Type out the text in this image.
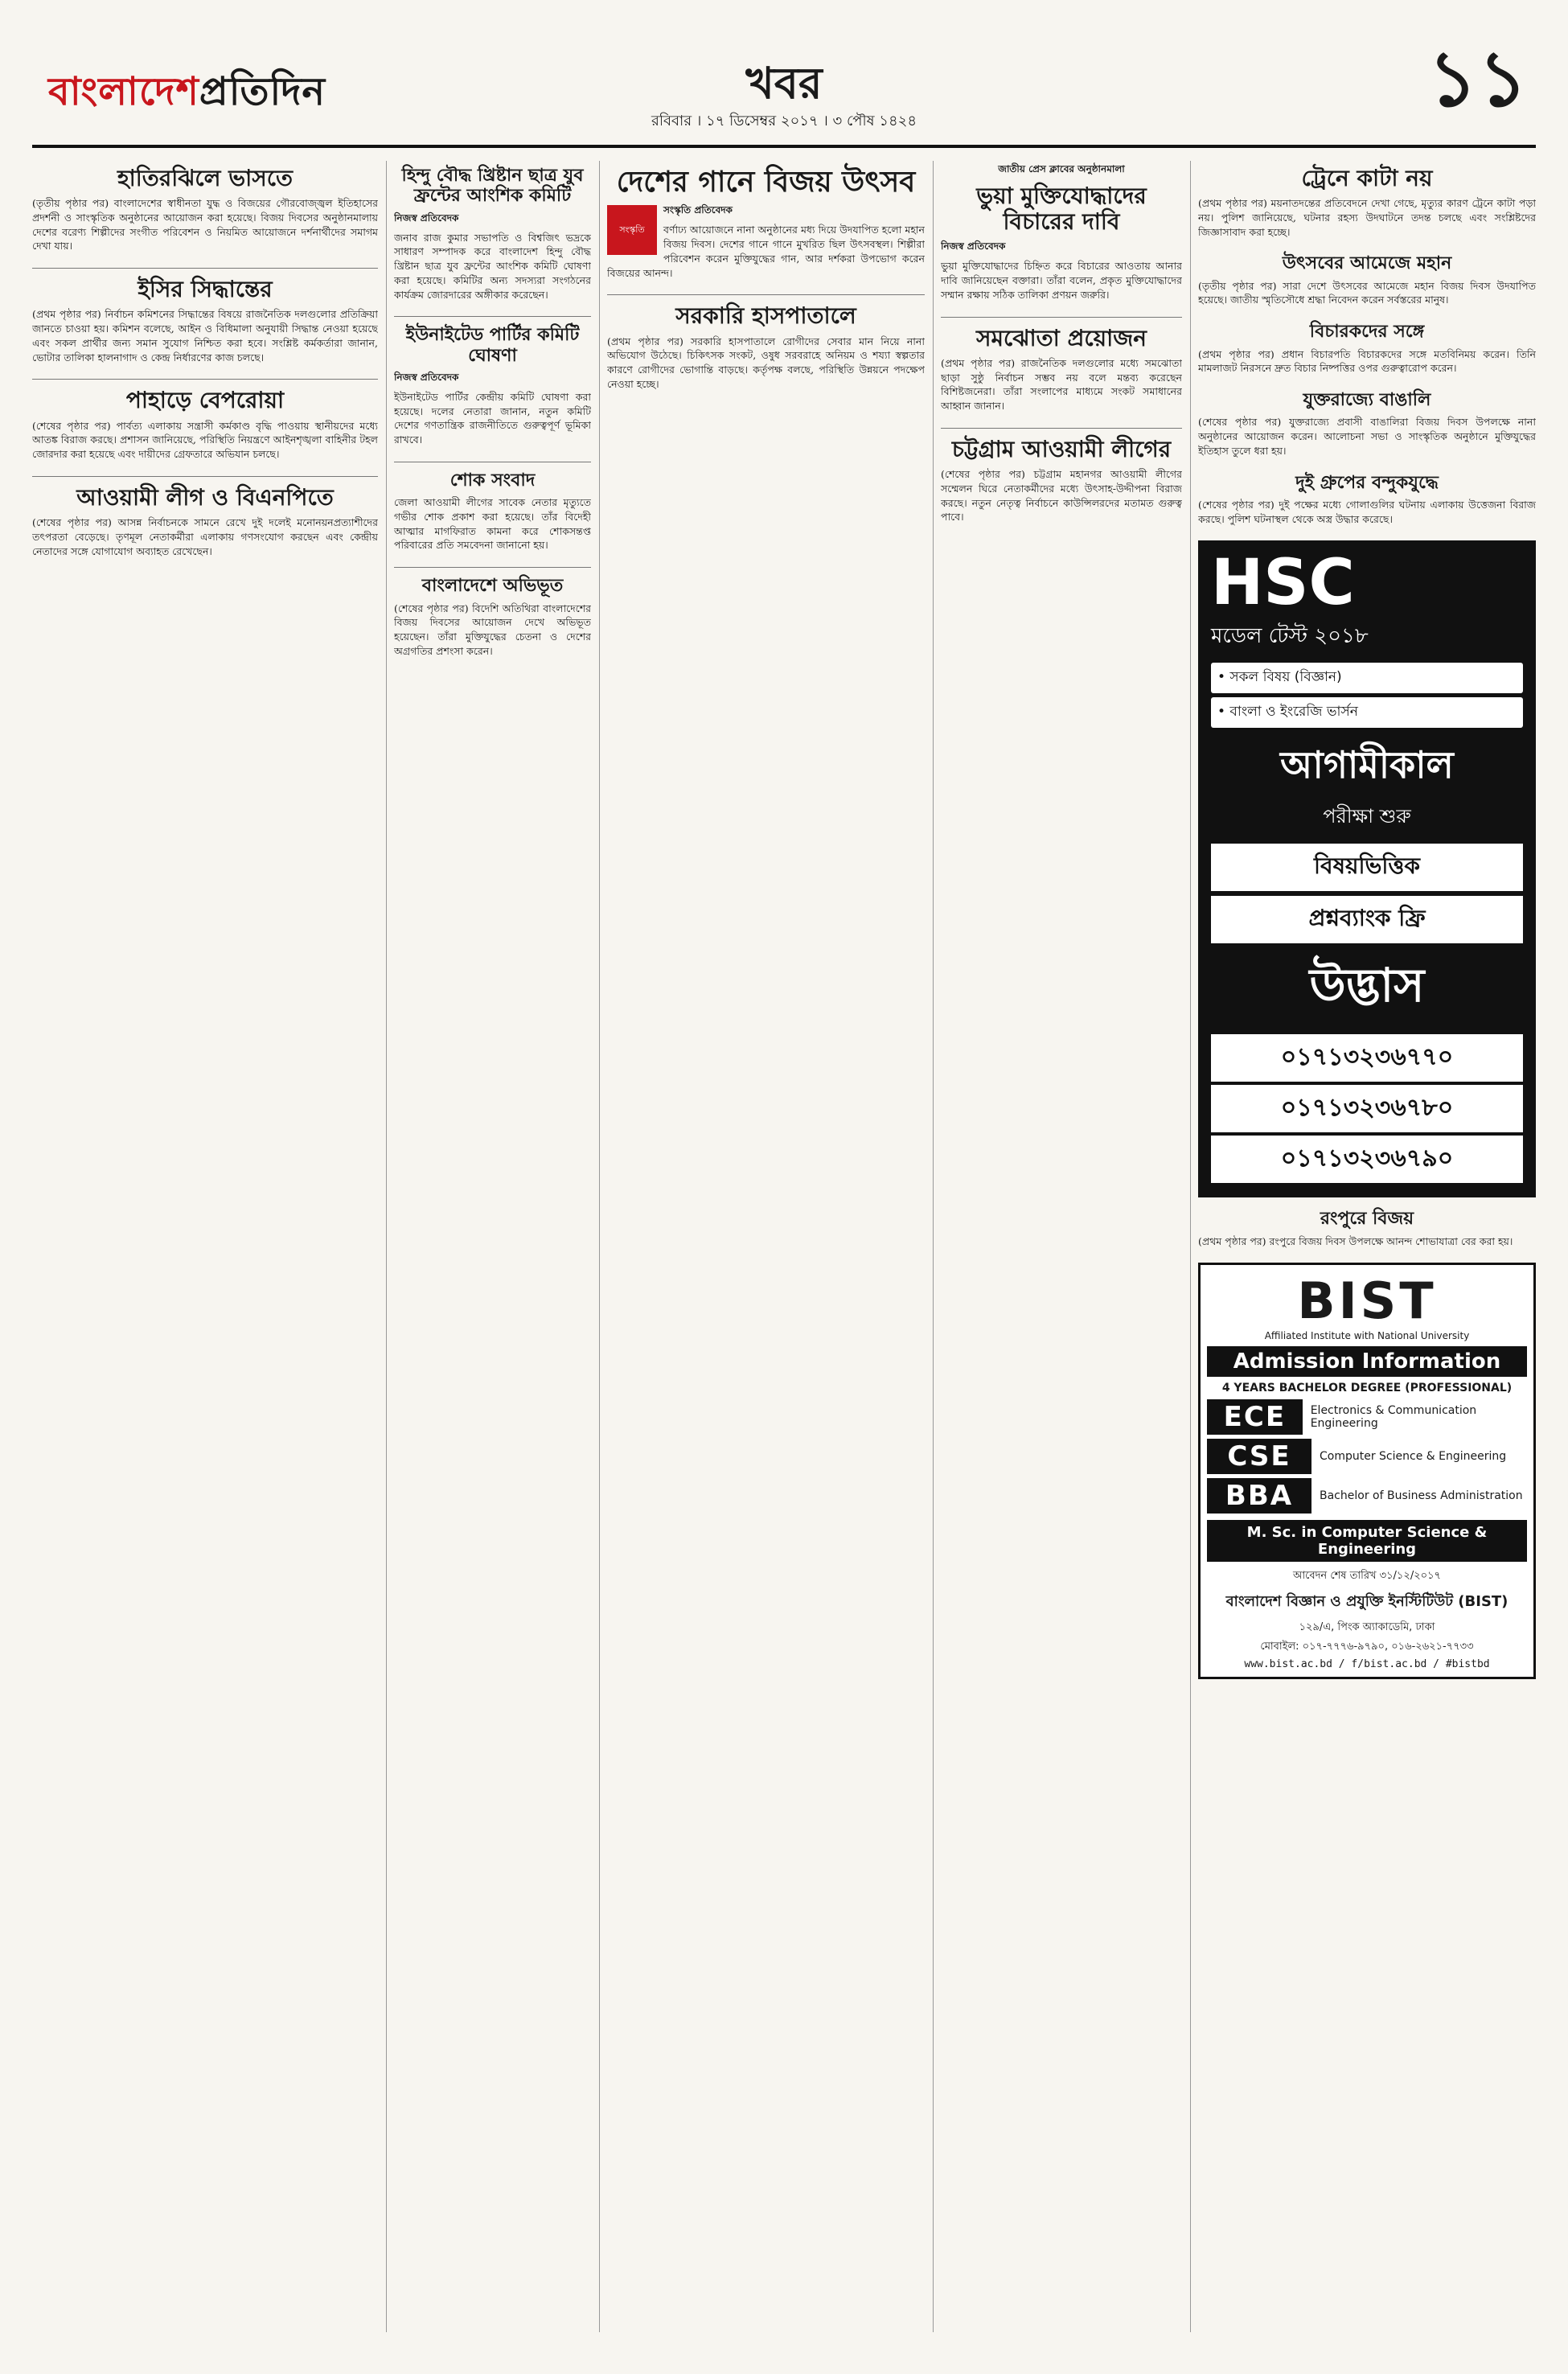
বাংলাদেশপ্রতিদিন	খবর
রবিবার । ১৭ ডিসেম্বর ২০১৭ । ৩ পৌষ ১৪২৪	১১
হাতিরঝিলে ভাসতে

(তৃতীয় পৃষ্ঠার পর) বাংলাদেশের স্বাধীনতা যুদ্ধ ও বিজয়ের গৌরবোজ্জ্বল ইতিহাসের প্রদর্শনী ও সাংস্কৃতিক অনুষ্ঠানের আয়োজন করা হয়েছে। বিজয় দিবসের অনুষ্ঠানমালায় দেশের বরেণ্য শিল্পীদের সংগীত পরিবেশন ও নিয়মিত আয়োজনে দর্শনার্থীদের সমাগম দেখা যায়।

ইসির সিদ্ধান্তের

(প্রথম পৃষ্ঠার পর) নির্বাচন কমিশনের সিদ্ধান্তের বিষয়ে রাজনৈতিক দলগুলোর প্রতিক্রিয়া জানতে চাওয়া হয়। কমিশন বলেছে, আইন ও বিধিমালা অনুযায়ী সিদ্ধান্ত নেওয়া হয়েছে এবং সকল প্রার্থীর জন্য সমান সুযোগ নিশ্চিত করা হবে। সংশ্লিষ্ট কর্মকর্তারা জানান, ভোটার তালিকা হালনাগাদ ও কেন্দ্র নির্ধারণের কাজ চলছে।

পাহাড়ে বেপরোয়া

(শেষের পৃষ্ঠার পর) পার্বত্য এলাকায় সন্ত্রাসী কর্মকাণ্ড বৃদ্ধি পাওয়ায় স্থানীয়দের মধ্যে আতঙ্ক বিরাজ করছে। প্রশাসন জানিয়েছে, পরিস্থিতি নিয়ন্ত্রণে আইনশৃঙ্খলা বাহিনীর টহল জোরদার করা হয়েছে এবং দায়ীদের গ্রেফতারে অভিযান চলছে।

আওয়ামী লীগ ও বিএনপিতে

(শেষের পৃষ্ঠার পর) আসন্ন নির্বাচনকে সামনে রেখে দুই দলেই মনোনয়নপ্রত্যাশীদের তৎপরতা বেড়েছে। তৃণমূল নেতাকর্মীরা এলাকায় গণসংযোগ করছেন এবং কেন্দ্রীয় নেতাদের সঙ্গে যোগাযোগ অব্যাহত রেখেছেন।

হিন্দু বৌদ্ধ খ্রিষ্টান ছাত্র যুব ফ্রন্টের আংশিক কমিটি
নিজস্ব প্রতিবেদক

জনাব রাজ কুমার সভাপতি ও বিশ্বজিৎ ভদ্রকে সাধারণ সম্পাদক করে বাংলাদেশ হিন্দু বৌদ্ধ খ্রিষ্টান ছাত্র যুব ফ্রন্টের আংশিক কমিটি ঘোষণা করা হয়েছে। কমিটির অন্য সদস্যরা সংগঠনের কার্যক্রম জোরদারের অঙ্গীকার করেছেন।

ইউনাইটেড পার্টির কমিটি ঘোষণা
নিজস্ব প্রতিবেদক

ইউনাইটেড পার্টির কেন্দ্রীয় কমিটি ঘোষণা করা হয়েছে। দলের নেতারা জানান, নতুন কমিটি দেশের গণতান্ত্রিক রাজনীতিতে গুরুত্বপূর্ণ ভূমিকা রাখবে।

শোক সংবাদ

জেলা আওয়ামী লীগের সাবেক নেতার মৃত্যুতে গভীর শোক প্রকাশ করা হয়েছে। তাঁর বিদেহী আত্মার মাগফিরাত কামনা করে শোকসন্তপ্ত পরিবারের প্রতি সমবেদনা জানানো হয়।

বাংলাদেশে অভিভূত

(শেষের পৃষ্ঠার পর) বিদেশি অতিথিরা বাংলাদেশের বিজয় দিবসের আয়োজন দেখে অভিভূত হয়েছেন। তাঁরা মুক্তিযুদ্ধের চেতনা ও দেশের অগ্রগতির প্রশংসা করেন।

দেশের গানে বিজয় উৎসব
সংস্কৃতি
সংস্কৃতি প্রতিবেদক

বর্ণাঢ্য আয়োজনে নানা অনুষ্ঠানের মধ্য দিয়ে উদযাপিত হলো মহান বিজয় দিবস। দেশের গানে গানে মুখরিত ছিল উৎসবস্থল। শিল্পীরা পরিবেশন করেন মুক্তিযুদ্ধের গান, আর দর্শকরা উপভোগ করেন বিজয়ের আনন্দ।

সরকারি হাসপাতালে

(প্রথম পৃষ্ঠার পর) সরকারি হাসপাতালে রোগীদের সেবার মান নিয়ে নানা অভিযোগ উঠেছে। চিকিৎসক সংকট, ওষুধ সরবরাহে অনিয়ম ও শয্যা স্বল্পতার কারণে রোগীদের ভোগান্তি বাড়ছে। কর্তৃপক্ষ বলছে, পরিস্থিতি উন্নয়নে পদক্ষেপ নেওয়া হচ্ছে।

জাতীয় প্রেস ক্লাবের অনুষ্ঠানমালা
ভুয়া মুক্তিযোদ্ধাদের বিচারের দাবি
নিজস্ব প্রতিবেদক

ভুয়া মুক্তিযোদ্ধাদের চিহ্নিত করে বিচারের আওতায় আনার দাবি জানিয়েছেন বক্তারা। তাঁরা বলেন, প্রকৃত মুক্তিযোদ্ধাদের সম্মান রক্ষায় সঠিক তালিকা প্রণয়ন জরুরি।

সমঝোতা প্রয়োজন

(প্রথম পৃষ্ঠার পর) রাজনৈতিক দলগুলোর মধ্যে সমঝোতা ছাড়া সুষ্ঠু নির্বাচন সম্ভব নয় বলে মন্তব্য করেছেন বিশিষ্টজনেরা। তাঁরা সংলাপের মাধ্যমে সংকট সমাধানের আহ্বান জানান।

চট্টগ্রাম আওয়ামী লীগের

(শেষের পৃষ্ঠার পর) চট্টগ্রাম মহানগর আওয়ামী লীগের সম্মেলন ঘিরে নেতাকর্মীদের মধ্যে উৎসাহ-উদ্দীপনা বিরাজ করছে। নতুন নেতৃত্ব নির্বাচনে কাউন্সিলরদের মতামত গুরুত্ব পাবে।

ট্রেনে কাটা নয়

(প্রথম পৃষ্ঠার পর) ময়নাতদন্তের প্রতিবেদনে দেখা গেছে, মৃত্যুর কারণ ট্রেনে কাটা পড়া নয়। পুলিশ জানিয়েছে, ঘটনার রহস্য উদঘাটনে তদন্ত চলছে এবং সংশ্লিষ্টদের জিজ্ঞাসাবাদ করা হচ্ছে।

উৎসবের আমেজে মহান

(তৃতীয় পৃষ্ঠার পর) সারা দেশে উৎসবের আমেজে মহান বিজয় দিবস উদযাপিত হয়েছে। জাতীয় স্মৃতিসৌধে শ্রদ্ধা নিবেদন করেন সর্বস্তরের মানুষ।

বিচারকদের সঙ্গে

(প্রথম পৃষ্ঠার পর) প্রধান বিচারপতি বিচারকদের সঙ্গে মতবিনিময় করেন। তিনি মামলাজট নিরসনে দ্রুত বিচার নিষ্পত্তির ওপর গুরুত্বারোপ করেন।

যুক্তরাজ্যে বাঙালি

(শেষের পৃষ্ঠার পর) যুক্তরাজ্যে প্রবাসী বাঙালিরা বিজয় দিবস উপলক্ষে নানা অনুষ্ঠানের আয়োজন করেন। আলোচনা সভা ও সাংস্কৃতিক অনুষ্ঠানে মুক্তিযুদ্ধের ইতিহাস তুলে ধরা হয়।

দুই গ্রুপের বন্দুকযুদ্ধে

(শেষের পৃষ্ঠার পর) দুই পক্ষের মধ্যে গোলাগুলির ঘটনায় এলাকায় উত্তেজনা বিরাজ করছে। পুলিশ ঘটনাস্থল থেকে অস্ত্র উদ্ধার করেছে।

HSC
মডেল টেস্ট ২০১৮
• সকল বিষয় (বিজ্ঞান)
• বাংলা ও ইংরেজি ভার্সন
আগামীকাল
পরীক্ষা শুরু
বিষয়ভিত্তিক
প্রশ্নব্যাংক ফ্রি
উদ্ভাস
০১৭১৩২৩৬৭৭০
০১৭১৩২৩৬৭৮০
০১৭১৩২৩৬৭৯০
রংপুরে বিজয়

(প্রথম পৃষ্ঠার পর) রংপুরে বিজয় দিবস উপলক্ষে আনন্দ শোভাযাত্রা বের করা হয়।

BIST
Affiliated Institute with National University
Admission Information
4 YEARS BACHELOR DEGREE (PROFESSIONAL)
ECE	Electronics & Communication Engineering
CSE	Computer Science & Engineering
BBA	Bachelor of Business Administration
M. Sc. in Computer Science & Engineering
আবেদন শেষ তারিখ ৩১/১২/২০১৭
বাংলাদেশ বিজ্ঞান ও প্রযুক্তি ইনস্টিটিউট (BIST)
১২৯/এ, পিংক অ্যাকাডেমি, ঢাকা
মোবাইল: ০১৭-৭৭৭৬-৯৭৯০, ০১৬-২৬২১-৭৭৩৩
www.bist.ac.bd / f/bist.ac.bd / #bistbd
